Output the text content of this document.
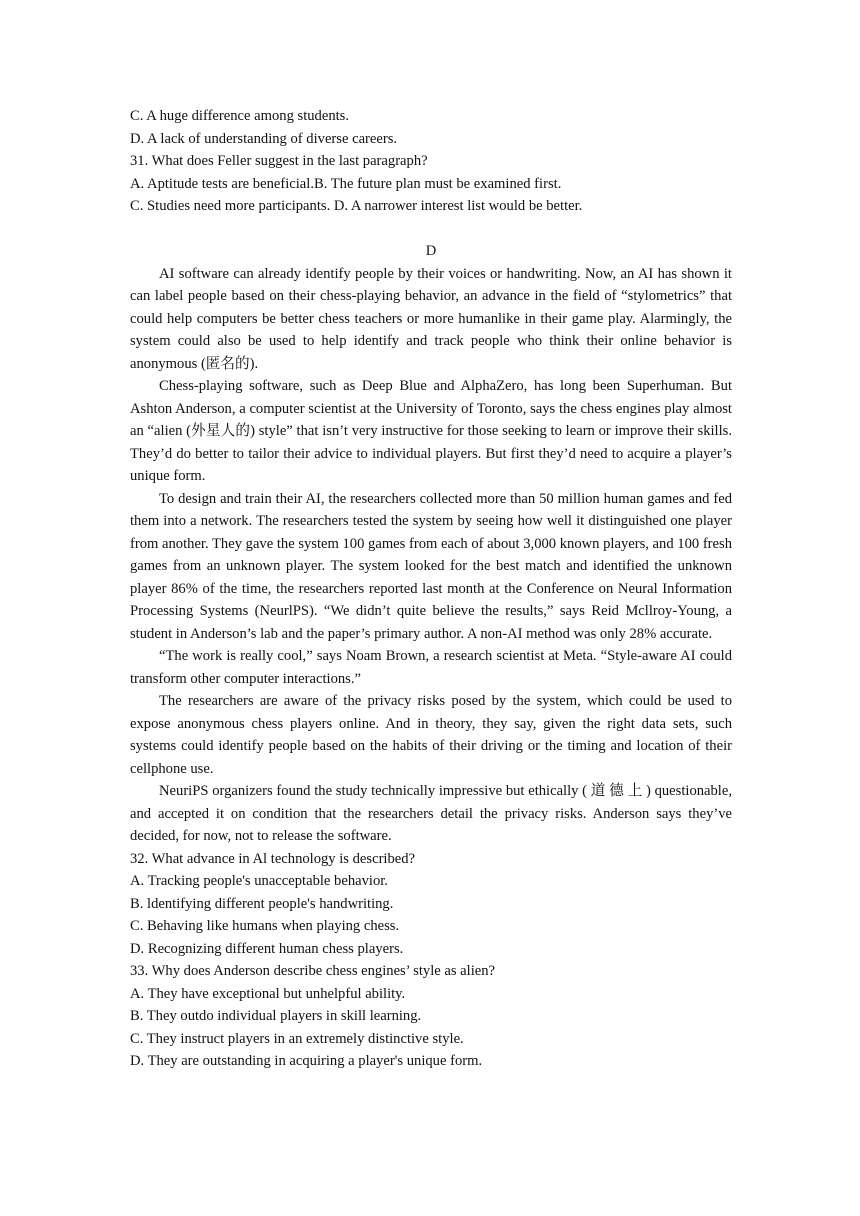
C. A huge difference among students.

D. A lack of understanding of diverse careers.

31. What does Feller suggest in the last paragraph?

A. Aptitude tests are beneficial.B. The future plan must be examined first.

C. Studies need more participants. D. A narrower interest list would be better.

D

AI software can already identify people by their voices or handwriting. Now, an AI has shown it can label people based on their chess-playing behavior, an advance in the field of “stylometrics” that could help computers be better chess teachers or more humanlike in their game play. Alarmingly, the system could also be used to help identify and track people who think their online behavior is anonymous (匿名的).

Chess-playing software, such as Deep Blue and AlphaZero, has long been Superhuman. But Ashton Anderson, a computer scientist at the University of Toronto, says the chess engines play almost an “alien (外星人的) style” that isn’t very instructive for those seeking to learn or improve their skills. They’d do better to tailor their advice to individual players. But first they’d need to acquire a player’s unique form.

To design and train their AI, the researchers collected more than 50 million human games and fed them into a network. The researchers tested the system by seeing how well it distinguished one player from another. They gave the system 100 games from each of about 3,000 known players, and 100 fresh games from an unknown player. The system looked for the best match and identified the unknown player 86% of the time, the researchers reported last month at the Conference on Neural Information Processing Systems (NeurlPS). “We didn’t quite believe the results,” says Reid Mcllroy-Young, a student in Anderson’s lab and the paper’s primary author. A non-AI method was only 28% accurate.

“The work is really cool,” says Noam Brown, a research scientist at Meta. “Style-aware AI could transform other computer interactions.”

The researchers are aware of the privacy risks posed by the system, which could be used to expose anonymous chess players online. And in theory, they say, given the right data sets, such systems could identify people based on the habits of their driving or the timing and location of their cellphone use.

NeuriPS organizers found the study technically impressive but ethically ( 道 德 上 ) questionable, and accepted it on condition that the researchers detail the privacy risks. Anderson says they’ve decided, for now, not to release the software.

32. What advance in Al technology is described?

A. Tracking people's unacceptable behavior.

B. ldentifying different people's handwriting.

C. Behaving like humans when playing chess.

D. Recognizing different human chess players.

33. Why does Anderson describe chess engines’ style as alien?

A. They have exceptional but unhelpful ability.

B. They outdo individual players in skill learning.

C. They instruct players in an extremely distinctive style.

D. They are outstanding in acquiring a player's unique form.
